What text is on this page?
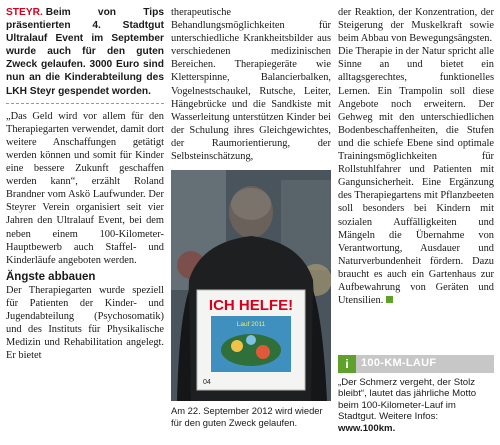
STEYR. Beim von Tips präsentierten 4. Stadtgut Ultralauf Event im September wurde auch für den guten Zweck gelaufen. 3000 Euro sind nun an die Kinderabteilung des LKH Steyr gespendet worden.
„Das Geld wird vor allem für den Therapiegarten verwendet, damit dort weitere Anschaffungen getätigt werden können und somit für Kinder eine bessere Zukunft geschaffen werden kann“, erzählt Roland Brandner vom Askö Laufwunder. Der Steyrer Verein organisiert seit vier Jahren den Ultralauf Event, bei dem neben einem 100-Kilometer-Hauptbewerb auch Staffel- und Kinderläufe angeboten werden.
Ängste abbauen
Der Therapiegarten wurde speziell für Patienten der Kinder- und Jugendabteilung (Psychosomatik) und des Instituts für Physikalische Medizin und Rehabilitation angelegt. Er bietet
therapeutische Behandlungsmöglichkeiten für unterschiedliche Krankheitsbilder aus verschiedenen medizinischen Bereichen. Therapiegeräte wie Kletterspinne, Balancierbalken, Vogelnestschaukel, Rutsche, Leiter, Hängebrücke und die Sandkiste mit Wasserleitung unterstützen Kinder bei der Schulung ihres Gleichgewichtes, der Raumorientierung, der Selbsteinschätzung,
ICH HELFE!
Lauf 2011
04
Am 22. September 2012 wird wieder für den guten Zweck gelaufen.
der Reaktion, der Konzentration, der Steigerung der Muskelkraft sowie beim Abbau von Bewegungsängsten.
Die Therapie in der Natur spricht alle Sinne an und bietet ein alltagsgerechtes, funktionelles Lernen. Ein Trampolin soll diese Angebote noch erweitern. Der Gehweg mit den unterschiedlichen Bodenbeschaffenheiten, die Stufen und die schiefe Ebene sind optimale Trainingsmöglichkeiten für Rollstuhlfahrer und Patienten mit Gangunsicherheit. Eine Ergänzung des Therapiegartens mit Pflanzbeeten soll besonders bei Kindern mit sozialen Auffälligkeiten und Mängeln die Übernahme von Verantwortung, Ausdauer und Naturverbundenheit fördern. Dazu braucht es auch ein Gartenhaus zur Aufbewahrung von Geräten und Utensilien.
i	100-KM-LAUF
„Der Schmerz vergeht, der Stolz bleibt“, lautet das jährliche Motto beim 100-Kilometer-Lauf im Stadtgut. Weitere Infos: www.100km.
